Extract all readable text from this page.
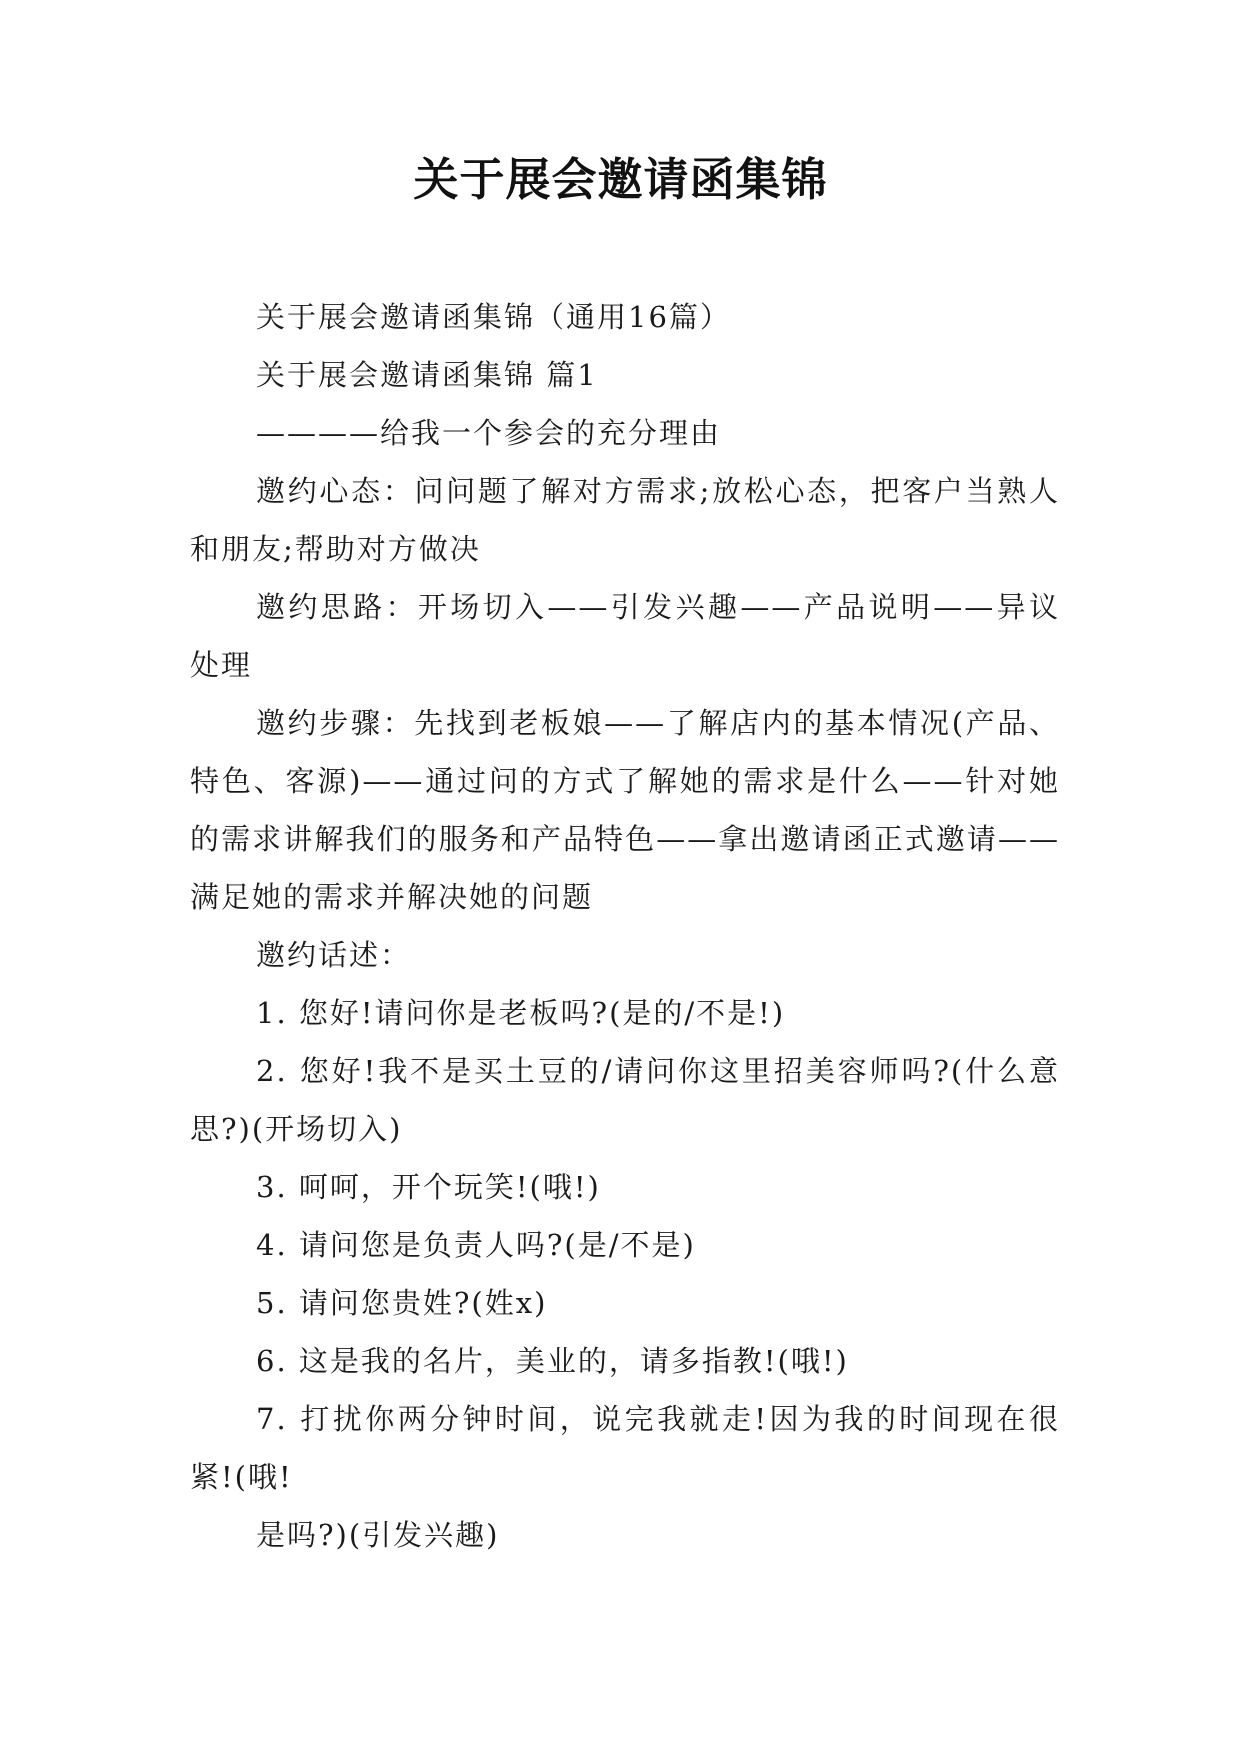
关于展会邀请函集锦

关于展会邀请函集锦（通用16篇）

关于展会邀请函集锦 篇1

————给我一个参会的充分理由

邀约心态：问问题了解对方需求;放松心态，把客户当熟人和朋友;帮助对方做决

邀约思路：开场切入——引发兴趣——产品说明——异议处理

邀约步骤：先找到老板娘——了解店内的基本情况(产品、特色、客源)——通过问的方式了解她的需求是什么——针对她的需求讲解我们的服务和产品特色——拿出邀请函正式邀请——满足她的需求并解决她的问题

邀约话述：

1. 您好!请问你是老板吗?(是的/不是!)

2. 您好!我不是买土豆的/请问你这里招美容师吗?(什么意思?)(开场切入)

3. 呵呵，开个玩笑!(哦!)

4. 请问您是负责人吗?(是/不是)

5. 请问您贵姓?(姓x)

6. 这是我的名片，美业的，请多指教!(哦!)

7. 打扰你两分钟时间，说完我就走!因为我的时间现在很紧!(哦!

是吗?)(引发兴趣)
